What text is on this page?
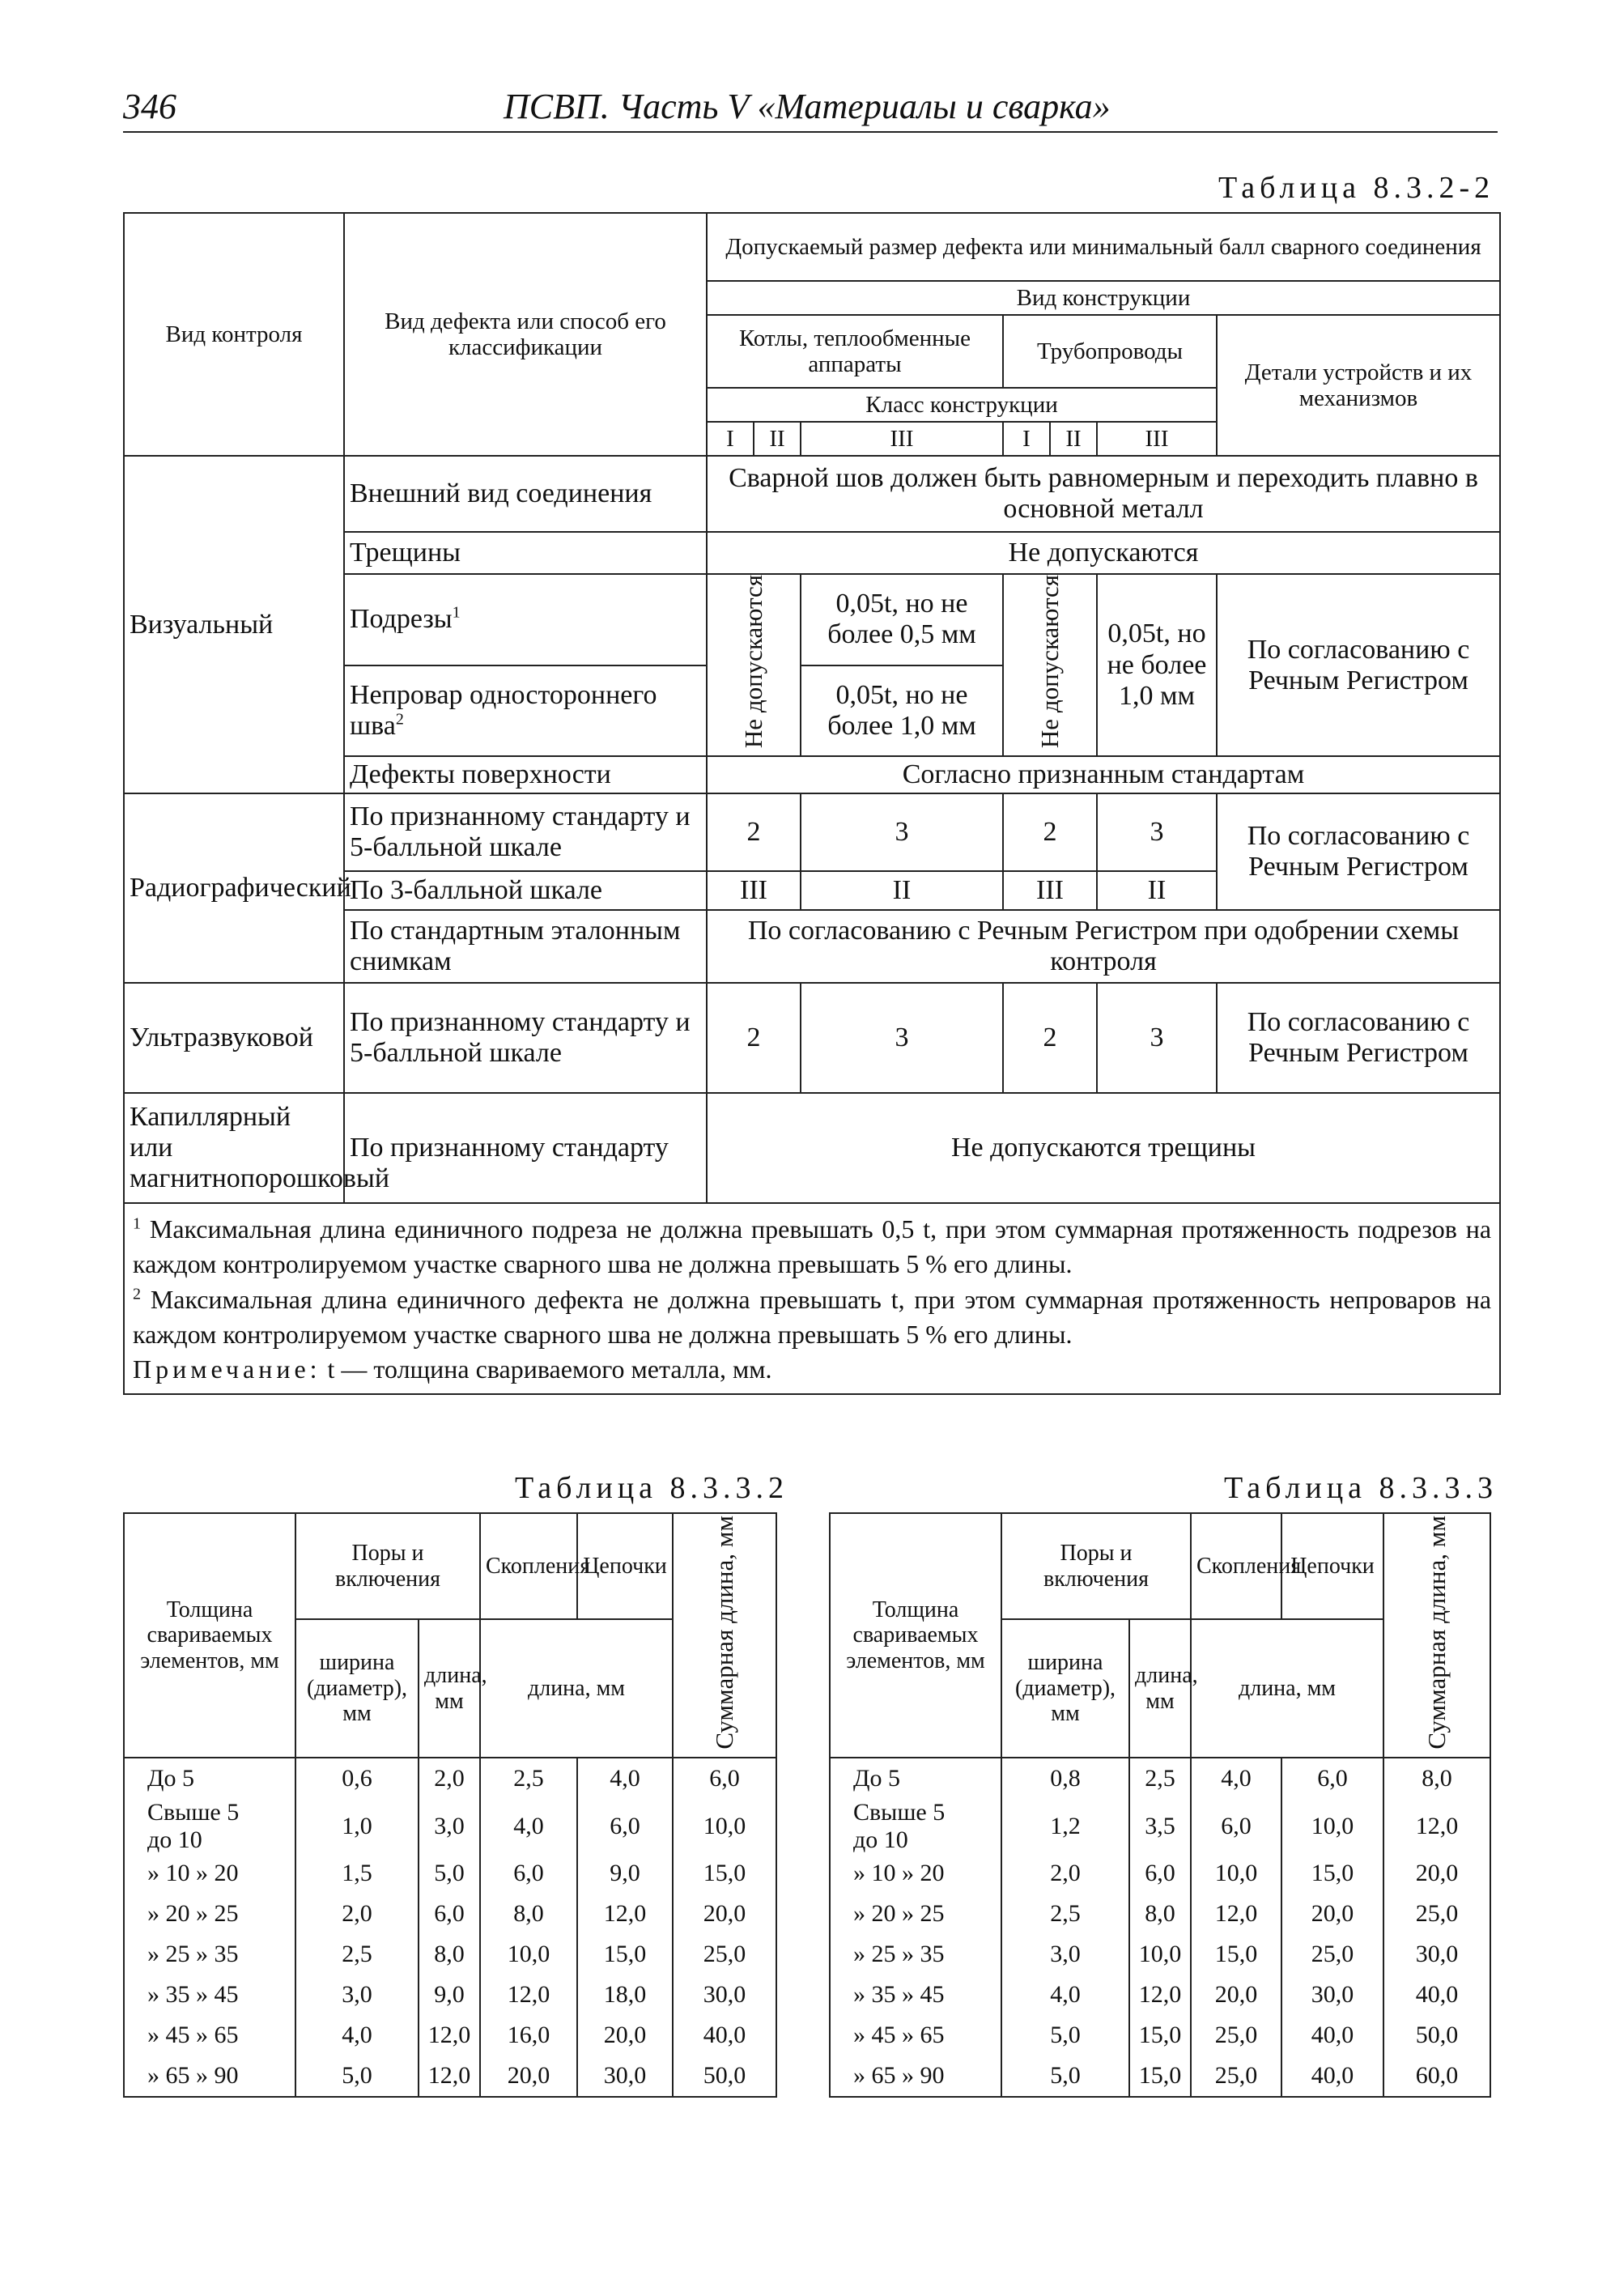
346	ПСВП. Часть V «Материалы и сварка»
Таблица 8.3.2-2
Вид контроля	Вид дефекта или способ его классификации	Допускаемый размер дефекта или минимальный балл сварного соединения						
		Вид конструкции						
		Котлы, теплообменные аппараты			Трубопроводы			Детали устройств и их механизмов
		Класс конструкции						
		I	II	III	I	II	III	
Визуальный	Внешний вид соединения	Сварной шов должен быть равномерным и переходить плавно в основной металл						
	Трещины	Не допускаются						
	Подрезы$^1$	Не допускаются		0,05t, но не более 0,5 мм	Не допускаются		0,05t, но не более 1,0 мм	По согласованию с Речным Регистром
	Непровар одностороннего шва$^2$			0,05t, но не более 1,0 мм				
	Дефекты поверхности	Согласно признанным стандартам						
Радиографический	По признанному стандарту и 5-балльной шкале	2		3	2		3	По согласованию с Речным Регистром
	По 3-балльной шкале	III		II	III		II	
	По стандартным эталонным снимкам	По согласованию с Речным Регистром при одобрении схемы контроля						
Ультразвуковой	По признанному стандарту и 5-балльной шкале	2		3	2		3	По согласованию с Речным Регистром
Капиллярный или магнитнопорошковый	По признанному стандарту	Не допускаются трещины						

$^1$ Максимальная длина единичного подреза не должна превышать 0,5 t, при этом суммарная протяженность подрезов на каждом контролируемом участке сварного шва не должна превышать 5 % его длины.
$^2$ Максимальная длина единичного дефекта не должна превышать t, при этом суммарная протяженность непроваров на каждом контролируемом участке сварного шва не должна превышать 5 % его длины.
Примечание: t — толщина свариваемого металла, мм.								
Таблица 8.3.3.2
Толщина свариваемых элементов, мм	Поры и включения		Скопления	Цепочки	Суммарная длина, мм
	ширина (диаметр), мм	длина, мм	длина, мм		

До 5	0,6	2,0	2,5	4,0	6,0

Свыше 5
до 10	1,0	3,0	4,0	6,0	10,0

» 10 » 20	1,5	5,0	6,0	9,0	15,0

» 20 » 25	2,0	6,0	8,0	12,0	20,0

» 25 » 35	2,5	8,0	10,0	15,0	25,0

» 35 » 45	3,0	9,0	12,0	18,0	30,0

» 45 » 65	4,0	12,0	16,0	20,0	40,0

» 65 » 90	5,0	12,0	20,0	30,0	50,0
Таблица 8.3.3.3
Толщина свариваемых элементов, мм	Поры и включения		Скопления	Цепочки	Суммарная длина, мм
	ширина (диаметр), мм	длина, мм	длина, мм		

До 5	0,8	2,5	4,0	6,0	8,0

Свыше 5
до 10	1,2	3,5	6,0	10,0	12,0

» 10 » 20	2,0	6,0	10,0	15,0	20,0

» 20 » 25	2,5	8,0	12,0	20,0	25,0

» 25 » 35	3,0	10,0	15,0	25,0	30,0

» 35 » 45	4,0	12,0	20,0	30,0	40,0

» 45 » 65	5,0	15,0	25,0	40,0	50,0

» 65 » 90	5,0	15,0	25,0	40,0	60,0
